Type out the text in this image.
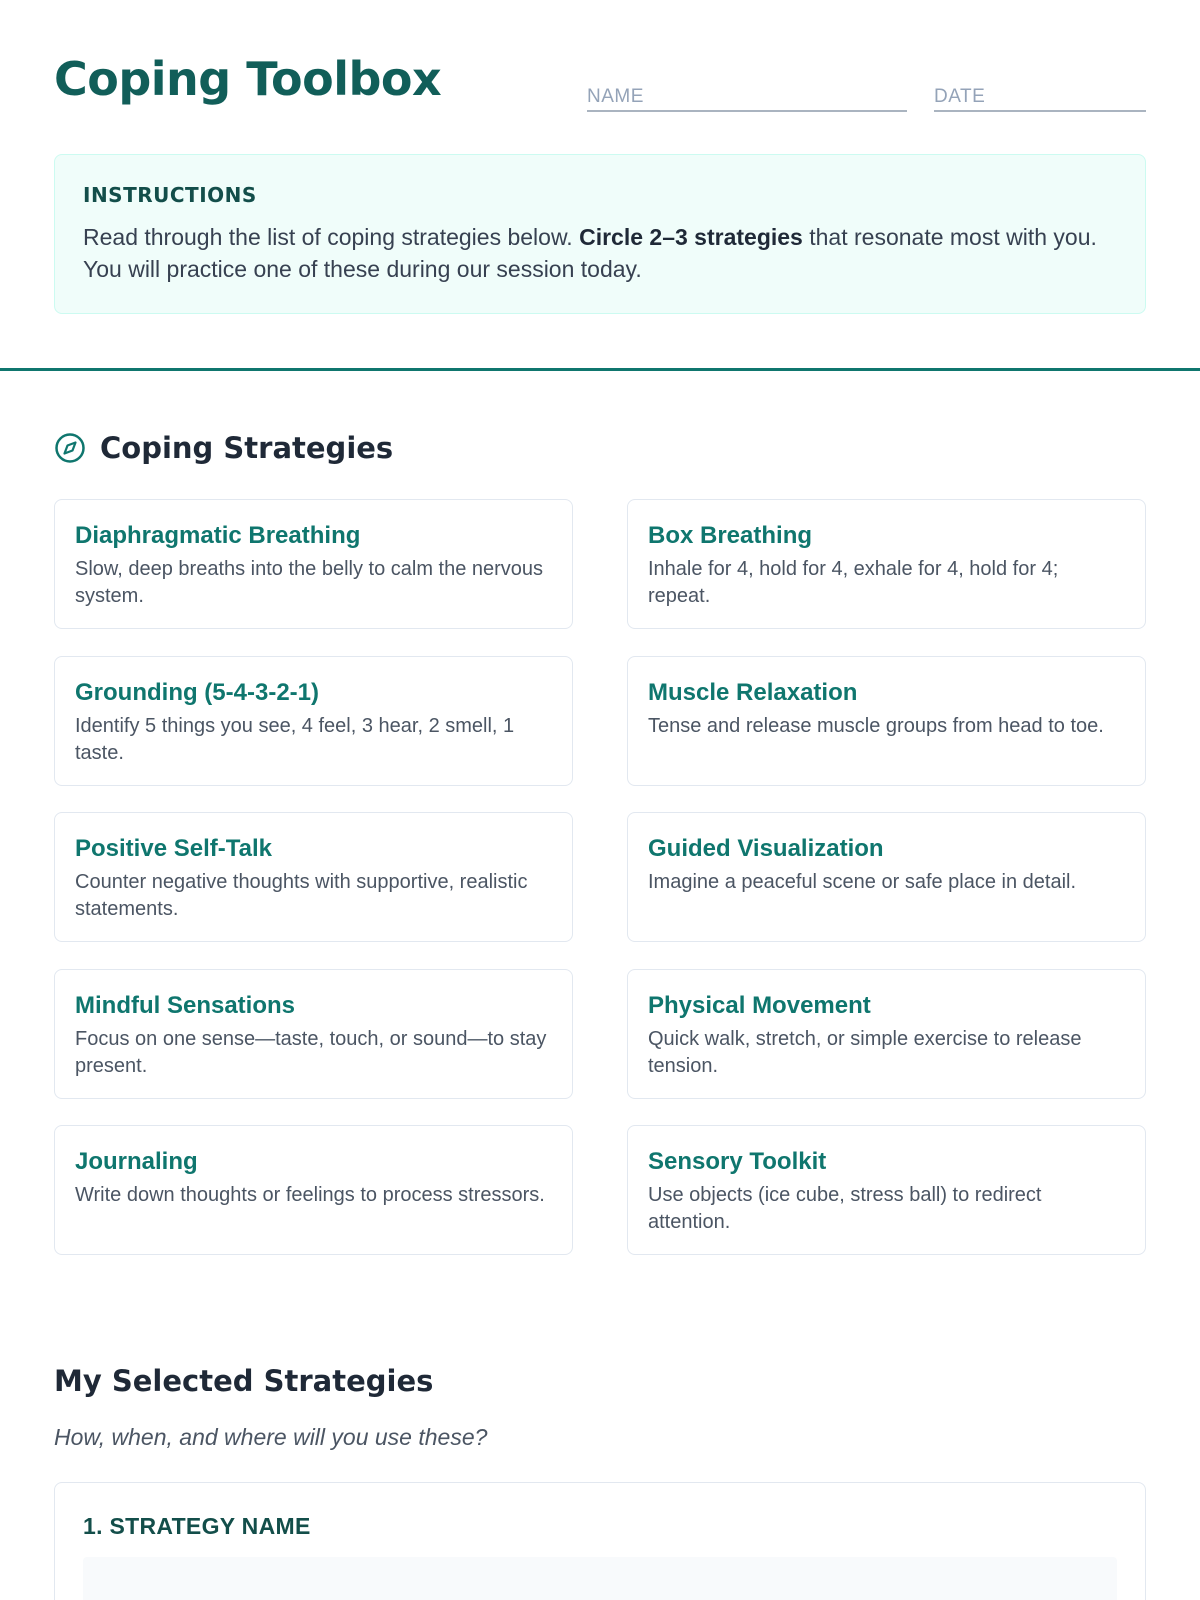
Coping Toolbox	NAME	DATE
INSTRUCTIONS

Read through the list of coping strategies below. Circle 2–3 strategies that resonate most with you. You will practice one of these during our session today.

Coping Strategies
Diaphragmatic Breathing

Slow, deep breaths into the belly to calm the nervous system.

Box Breathing

Inhale for 4, hold for 4, exhale for 4, hold for 4; repeat.

Grounding (5-4-3-2-1)

Identify 5 things you see, 4 feel, 3 hear, 2 smell, 1 taste.

Muscle Relaxation

Tense and release muscle groups from head to toe.

Positive Self-Talk

Counter negative thoughts with supportive, realistic statements.

Guided Visualization

Imagine a peaceful scene or safe place in detail.

Mindful Sensations

Focus on one sense—taste, touch, or sound—to stay present.

Physical Movement

Quick walk, stretch, or simple exercise to release tension.

Journaling

Write down thoughts or feelings to process stressors.

Sensory Toolkit

Use objects (ice cube, stress ball) to redirect attention.

My Selected Strategies
How, when, and where will you use these?
1. STRATEGY NAME
